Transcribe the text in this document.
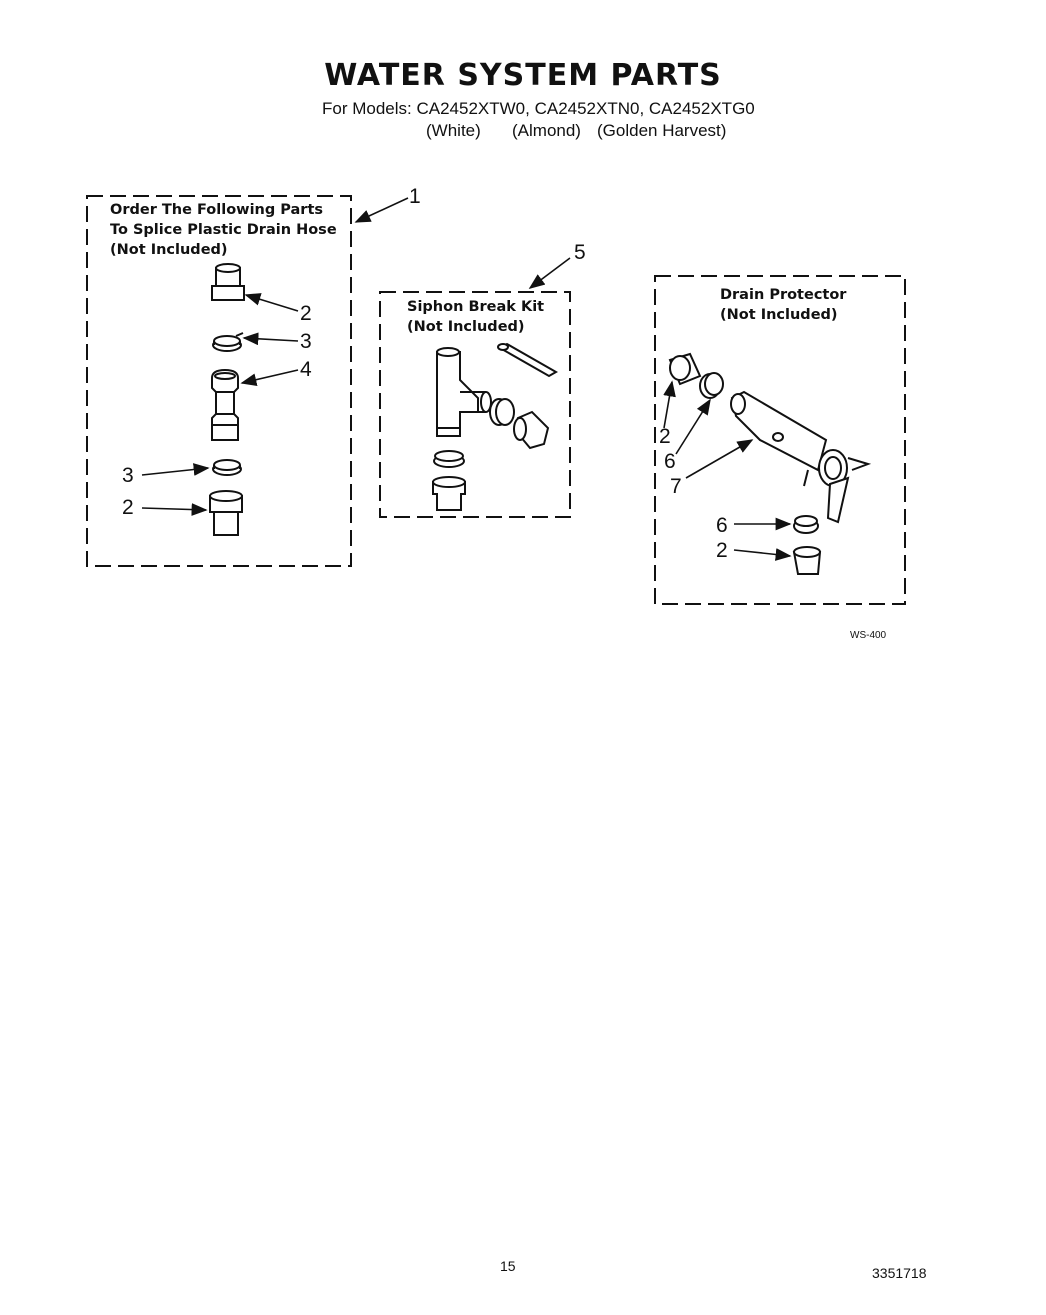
WATER SYSTEM PARTS
For Models: CA2452XTW0, CA2452XTN0, CA2452XTG0
(White) (Almond) (Golden Harvest)
Order The Following Parts
To Splice Plastic Drain Hose
(Not Included)
Siphon Break Kit
(Not Included)
Drain Protector
(Not Included)
1
2
3
4
3
2
5
2
6
7
6
2
WS-400
15	3351718
